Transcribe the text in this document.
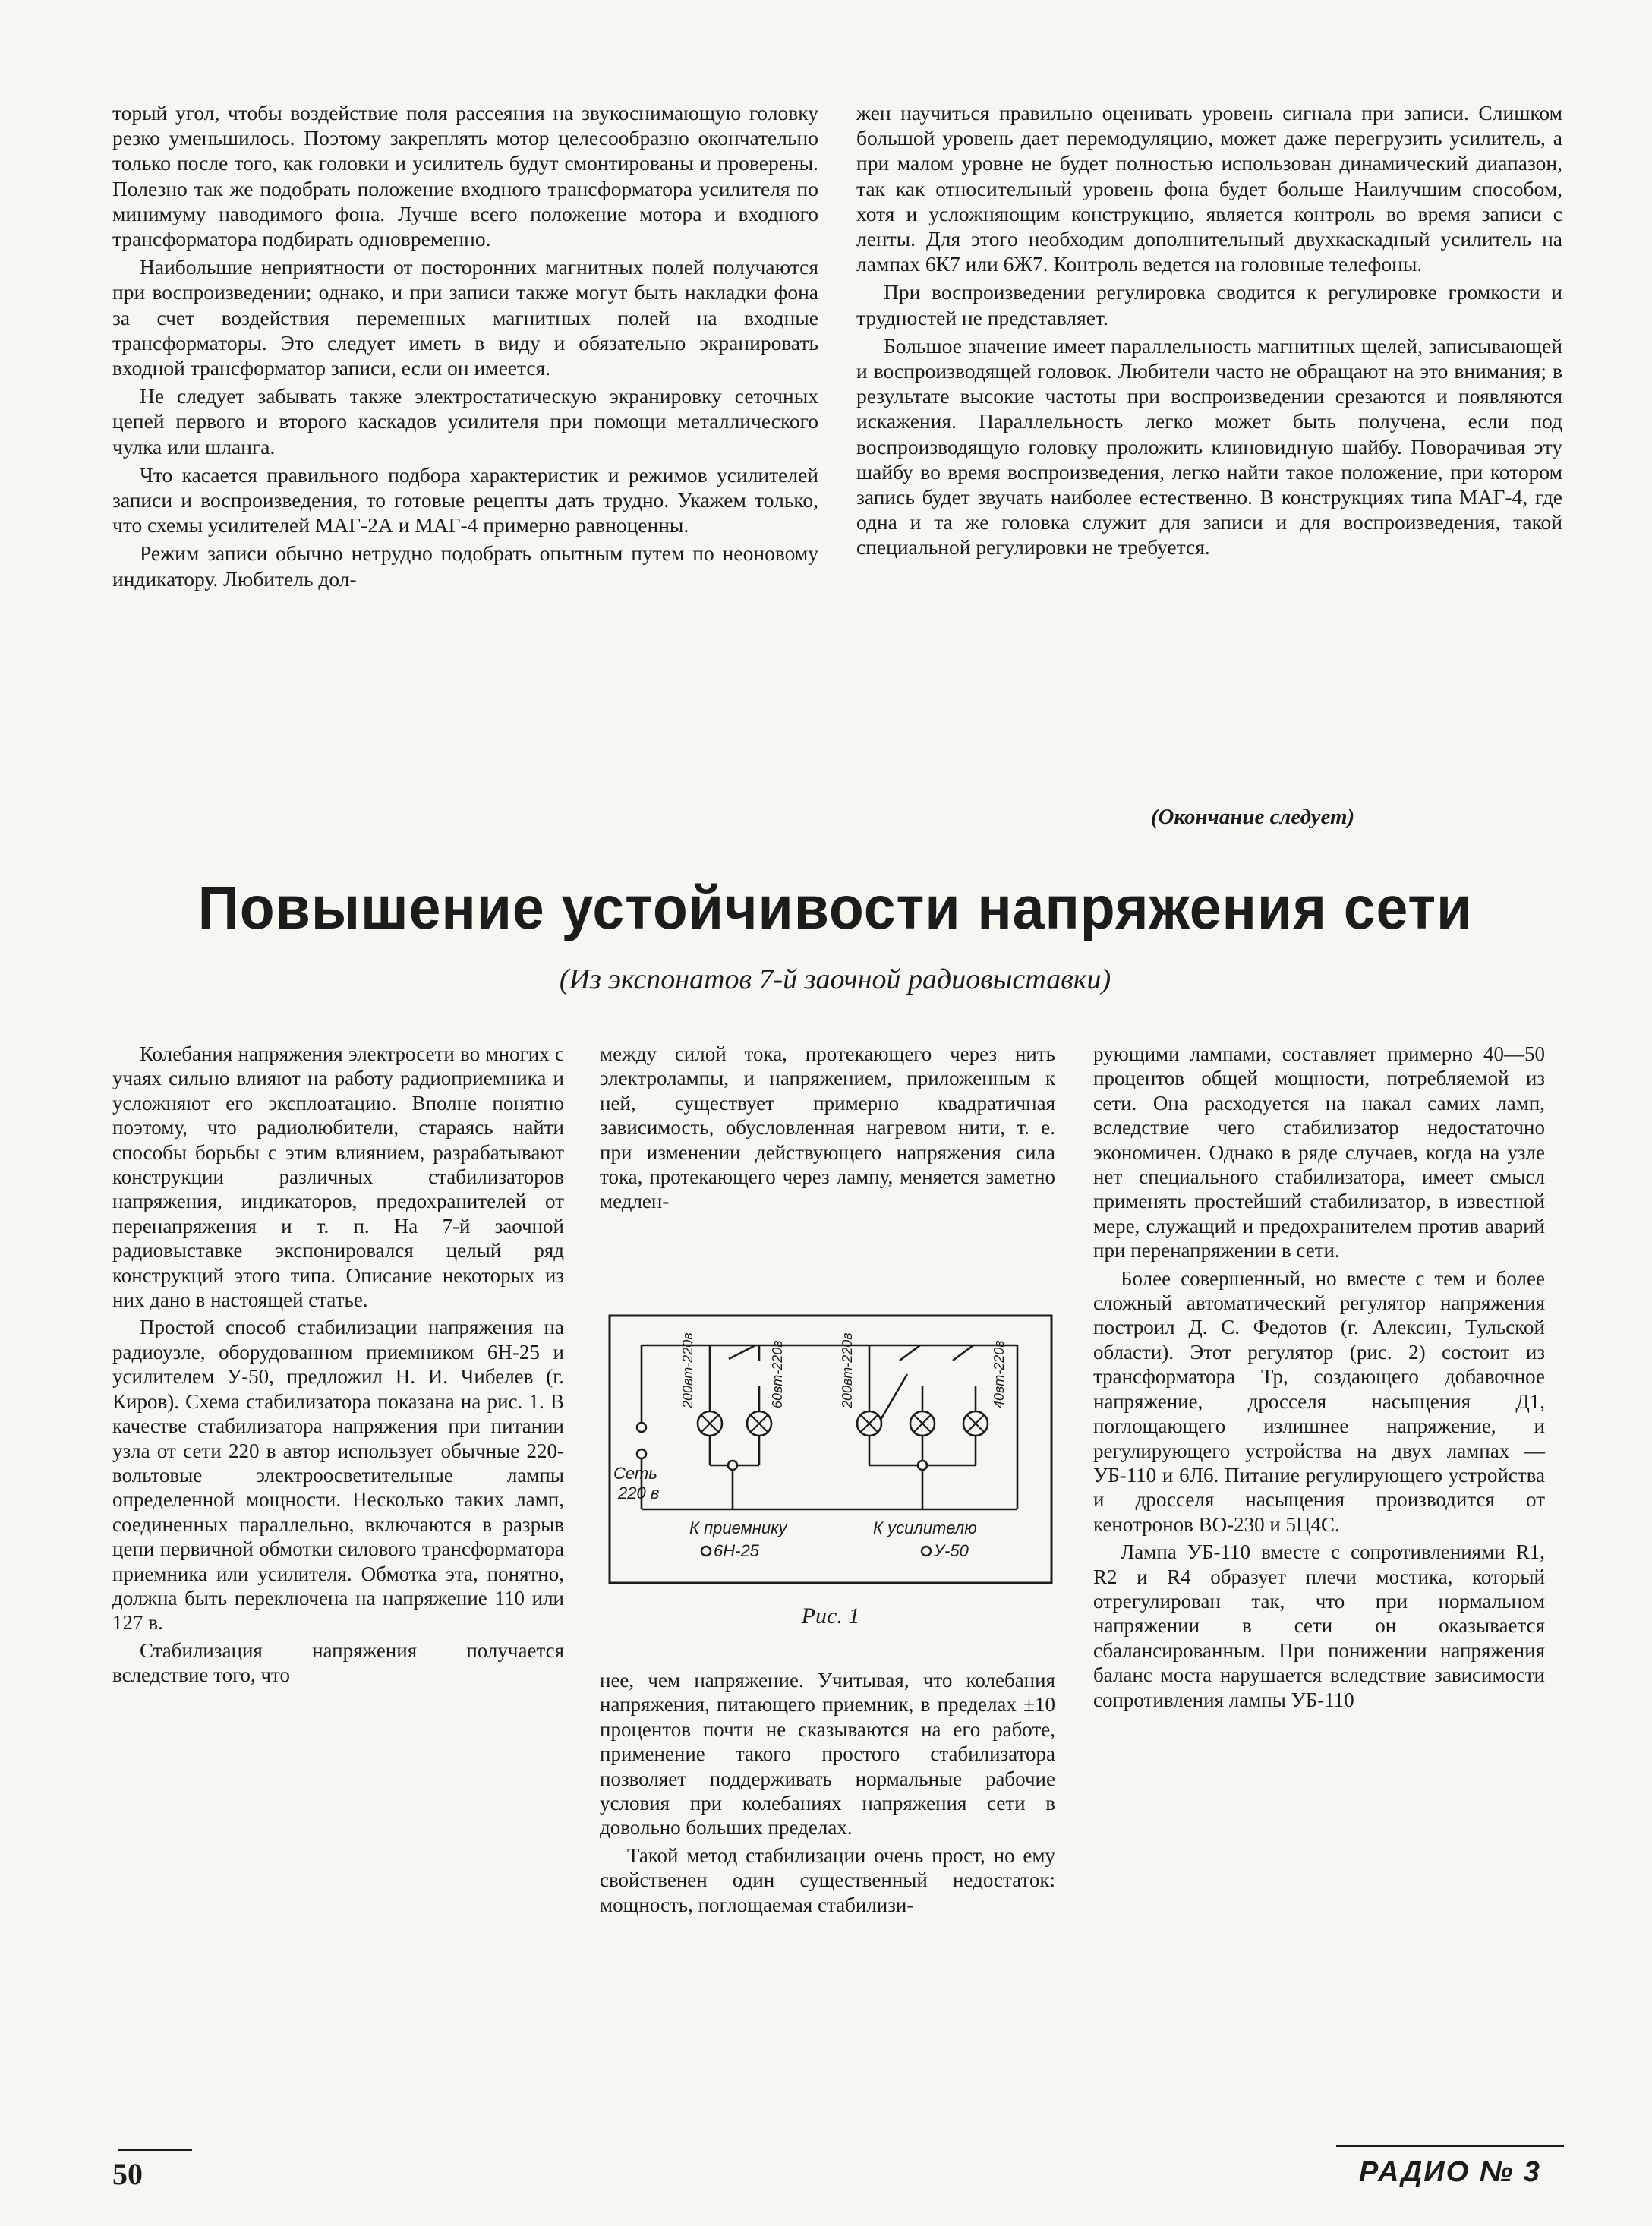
торый угол, чтобы воздействие поля рассеяния на звукоснимающую головку резко уменьшилось. Поэтому закреплять мотор целесообразно окончательно только после того, как головки и усилитель будут смонтированы и проверены. Полезно так же подобрать положение входного трансформатора усилителя по минимуму наводимого фона. Лучше всего положение мотора и входного трансформатора подбирать одновременно.

Наибольшие неприятности от посторонних магнитных полей получаются при воспроизведении; однако, и при записи также могут быть накладки фона за счет воздействия переменных магнитных полей на входные трансформаторы. Это следует иметь в виду и обязательно экранировать входной трансформатор записи, если он имеется.

Не следует забывать также электростатическую экранировку сеточных цепей первого и второго каскадов усилителя при помощи металлического чулка или шланга.

Что касается правильного подбора характеристик и режимов усилителей записи и воспроизведения, то готовые рецепты дать трудно. Укажем только, что схемы усилителей МАГ-2А и МАГ-4 примерно равноценны.

Режим записи обычно нетрудно подобрать опытным путем по неоновому индикатору. Любитель дол-

жен научиться правильно оценивать уровень сигнала при записи. Слишком большой уровень дает перемодуляцию, может даже перегрузить усилитель, а при малом уровне не будет полностью использован динамический диапазон, так как относительный уровень фона будет больше Наилучшим способом, хотя и усложняющим конструкцию, является контроль во время записи с ленты. Для этого необходим дополнительный двухкаскадный усилитель на лампах 6К7 или 6Ж7. Контроль ведется на головные телефоны.

При воспроизведении регулировка сводится к регулировке громкости и трудностей не представляет.

Большое значение имеет параллельность магнитных щелей, записывающей и воспроизводящей головок. Любители часто не обращают на это внимания; в результате высокие частоты при воспроизведении срезаются и появляются искажения. Параллельность легко может быть получена, если под воспроизводящую головку проложить клиновидную шайбу. Поворачивая эту шайбу во время воспроизведения, легко найти такое положение, при котором запись будет звучать наиболее естественно. В конструкциях типа МАГ-4, где одна и та же головка служит для записи и для воспроизведения, такой специальной регулировки не требуется.

(Окончание следует)
Повышение устойчивости напряжения сети
(Из экспонатов 7-й заочной радиовыставки)

Колебания напряжения электросети во многих с учаях сильно влияют на работу радиоприемника и усложняют его эксплоатацию. Вполне понятно поэтому, что радиолюбители, стараясь найти способы борьбы с этим влиянием, разрабатывают конструкции различных стабилизаторов напряжения, индикаторов, предохранителей от перенапряжения и т. п. На 7-й заочной радиовыставке экспонировался целый ряд конструкций этого типа. Описание некоторых из них дано в настоящей статье.

Простой способ стабилизации напряжения на радиоузле, оборудованном приемником 6Н-25 и усилителем У-50, предложил Н. И. Чибелев (г. Киров). Схема стабилизатора показана на рис. 1. В качестве стабилизатора напряжения при питании узла от сети 220 в автор использует обычные 220-вольтовые электроосветительные лампы определенной мощности. Несколько таких ламп, соединенных параллельно, включаются в разрыв цепи первичной обмотки силового трансформатора приемника или усилителя. Обмотка эта, понятно, должна быть переключена на напряжение 110 или 127 в.

Стабилизация напряжения получается вследствие того, что

между силой тока, протекающего через нить электролампы, и напряжением, приложенным к ней, существует примерно квадратичная зависимость, обусловленная нагревом нити, т. е. при изменении действующего напряжения сила тока, протекающего через лампу, меняется заметно медлен-

Сеть
220 в
К приемнику
6Н-25
К усилителю
У-50
200вт-220в	60вт-220в	200вт-220в	40вт-220в
Рис. 1

нее, чем напряжение. Учитывая, что колебания напряжения, питающего приемник, в пределах ±10 процентов почти не сказываются на его работе, применение такого простого стабилизатора позволяет поддерживать нормальные рабочие условия при колебаниях напряжения сети в довольно больших пределах.

Такой метод стабилизации очень прост, но ему свойственен один существенный недостаток: мощность, поглощаемая стабилизи-

рующими лампами, составляет примерно 40—50 процентов общей мощности, потребляемой из сети. Она расходуется на накал самих ламп, вследствие чего стабилизатор недостаточно экономичен. Однако в ряде случаев, когда на узле нет специального стабилизатора, имеет смысл применять простейший стабилизатор, в известной мере, служащий и предохранителем против аварий при перенапряжении в сети.

Более совершенный, но вместе с тем и более сложный автоматический регулятор напряжения построил Д. С. Федотов (г. Алексин, Тульской области). Этот регулятор (рис. 2) состоит из трансформатора Тр, создающего добавочное напряжение, дросселя насыщения Д1, поглощающего излишнее напряжение, и регулирующего устройства на двух лампах — УБ-110 и 6Л6. Питание регулирующего устройства и дросселя насыщения производится от кенотронов ВО-230 и 5Ц4С.

Лампа УБ-110 вместе с сопротивлениями R1, R2 и R4 образует плечи мостика, который отрегулирован так, что при нормальном напряжении в сети он оказывается сбалансированным. При понижении напряжения баланс моста нарушается вследствие зависимости сопротивления лампы УБ-110

50	РАДИО № 3
